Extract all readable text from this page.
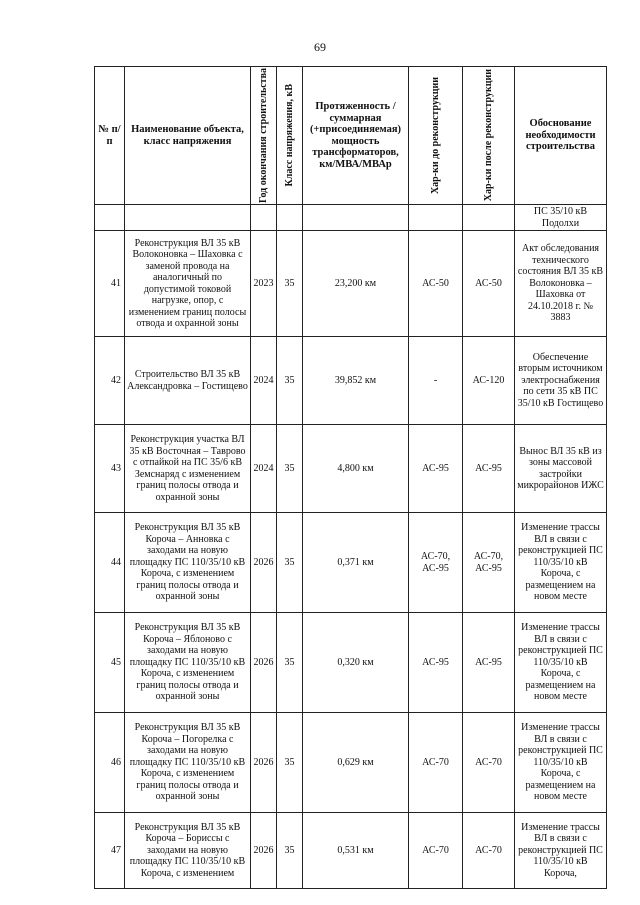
69
№ п/п	Наименование объекта, класс напряжения	Год окончания строительства	Класс напряжения, кВ	Протяженность / суммарная (+присоединяемая) мощность трансформаторов, км/МВА/МВАр	Хар-ки до реконструкции	Хар-ки после реконструкции	Обоснование необходимости строительства
							ПС 35/10 кВ Подолхи
41	Реконструкция ВЛ 35 кВ Волоконовка – Шаховка с заменой провода на аналогичный по допустимой токовой нагрузке, опор, с изменением границ полосы отвода и охранной зоны	2023	35	23,200 км	АС-50	АС-50	Акт обследования технического состояния ВЛ 35 кВ Волоконовка – Шаховка от 24.10.2018 г. № 3883
42	Строительство ВЛ 35 кВ Александровка – Гостищево	2024	35	39,852 км	-	АС-120	Обеспечение вторым источником электроснабжения по сети 35 кВ ПС 35/10 кВ Гостищево
43	Реконструкция участка ВЛ 35 кВ Восточная – Таврово с отпайкой на ПС 35/6 кВ Земснаряд с изменением границ полосы отвода и охранной зоны	2024	35	4,800 км	АС-95	АС-95	Вынос ВЛ 35 кВ из зоны массовой застройки микрорайонов ИЖС
44	Реконструкция ВЛ 35 кВ Короча – Анновка с заходами на новую площадку ПС 110/35/10 кВ Короча, с изменением границ полосы отвода и охранной зоны	2026	35	0,371 км	АС-70, АС-95	АС-70, АС-95	Изменение трассы ВЛ в связи с реконструкцией ПС 110/35/10 кВ Короча, с размещением на новом месте
45	Реконструкция ВЛ 35 кВ Короча – Яблоново с заходами на новую площадку ПС 110/35/10 кВ Короча, с изменением границ полосы отвода и охранной зоны	2026	35	0,320 км	АС-95	АС-95	Изменение трассы ВЛ в связи с реконструкцией ПС 110/35/10 кВ Короча, с размещением на новом месте
46	Реконструкция ВЛ 35 кВ Короча – Погорелка с заходами на новую площадку ПС 110/35/10 кВ Короча, с изменением границ полосы отвода и охранной зоны	2026	35	0,629 км	АС-70	АС-70	Изменение трассы ВЛ в связи с реконструкцией ПС 110/35/10 кВ Короча, с размещением на новом месте
47	Реконструкция ВЛ 35 кВ Короча – Бориссы с заходами на новую площадку ПС 110/35/10 кВ Короча, с изменением	2026	35	0,531 км	АС-70	АС-70	Изменение трассы ВЛ в связи с реконструкцией ПС 110/35/10 кВ Короча,
